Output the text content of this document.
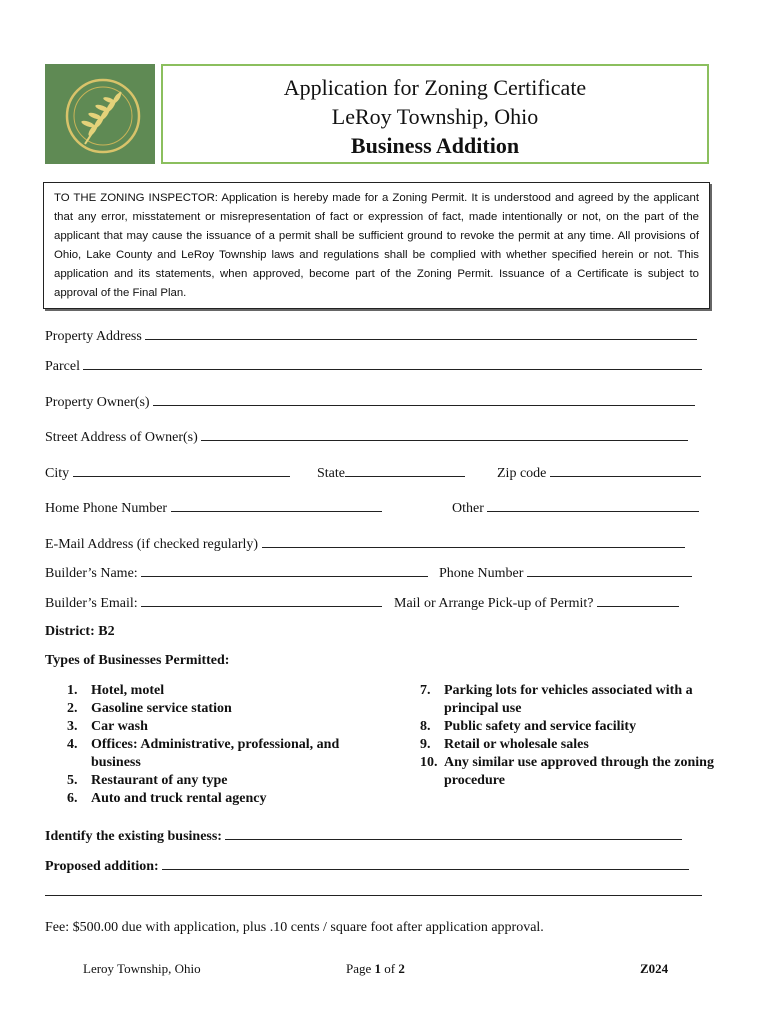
Application for Zoning Certificate
LeRoy Township, Ohio
Business Addition
TO THE ZONING INSPECTOR: Application is hereby made for a Zoning Permit. It is understood and agreed by the applicant that any error, misstatement or misrepresentation of fact or expression of fact, made intentionally or not, on the part of the applicant that may cause the issuance of a permit shall be sufficient ground to revoke the permit at any time. All provisions of Ohio, Lake County and LeRoy Township laws and regulations shall be complied with whether specified herein or not. This application and its statements, when approved, become part of the Zoning Permit. Issuance of a Certificate is subject to approval of the Final Plan.
Property Address
Parcel
Property Owner(s)
Street Address of Owner(s)
City	State	Zip code
Home Phone Number	Other
E-Mail Address (if checked regularly)
Builder’s Name:	Phone Number
Builder’s Email:	Mail or Arrange Pick-up of Permit?
District: B2
Types of Businesses Permitted:
1. Hotel, motel
2. Gasoline service station
3. Car wash
4. Offices: Administrative, professional, and business
5. Restaurant of any type
6. Auto and truck rental agency
7. Parking lots for vehicles associated with a principal use
8. Public safety and service facility
9. Retail or wholesale sales
10. Any similar use approved through the zoning procedure
Identify the existing business:
Proposed addition:
Fee: $500.00 due with application, plus .10 cents / square foot after application approval.
Leroy Township, Ohio	Page 1 of 2	Z024
